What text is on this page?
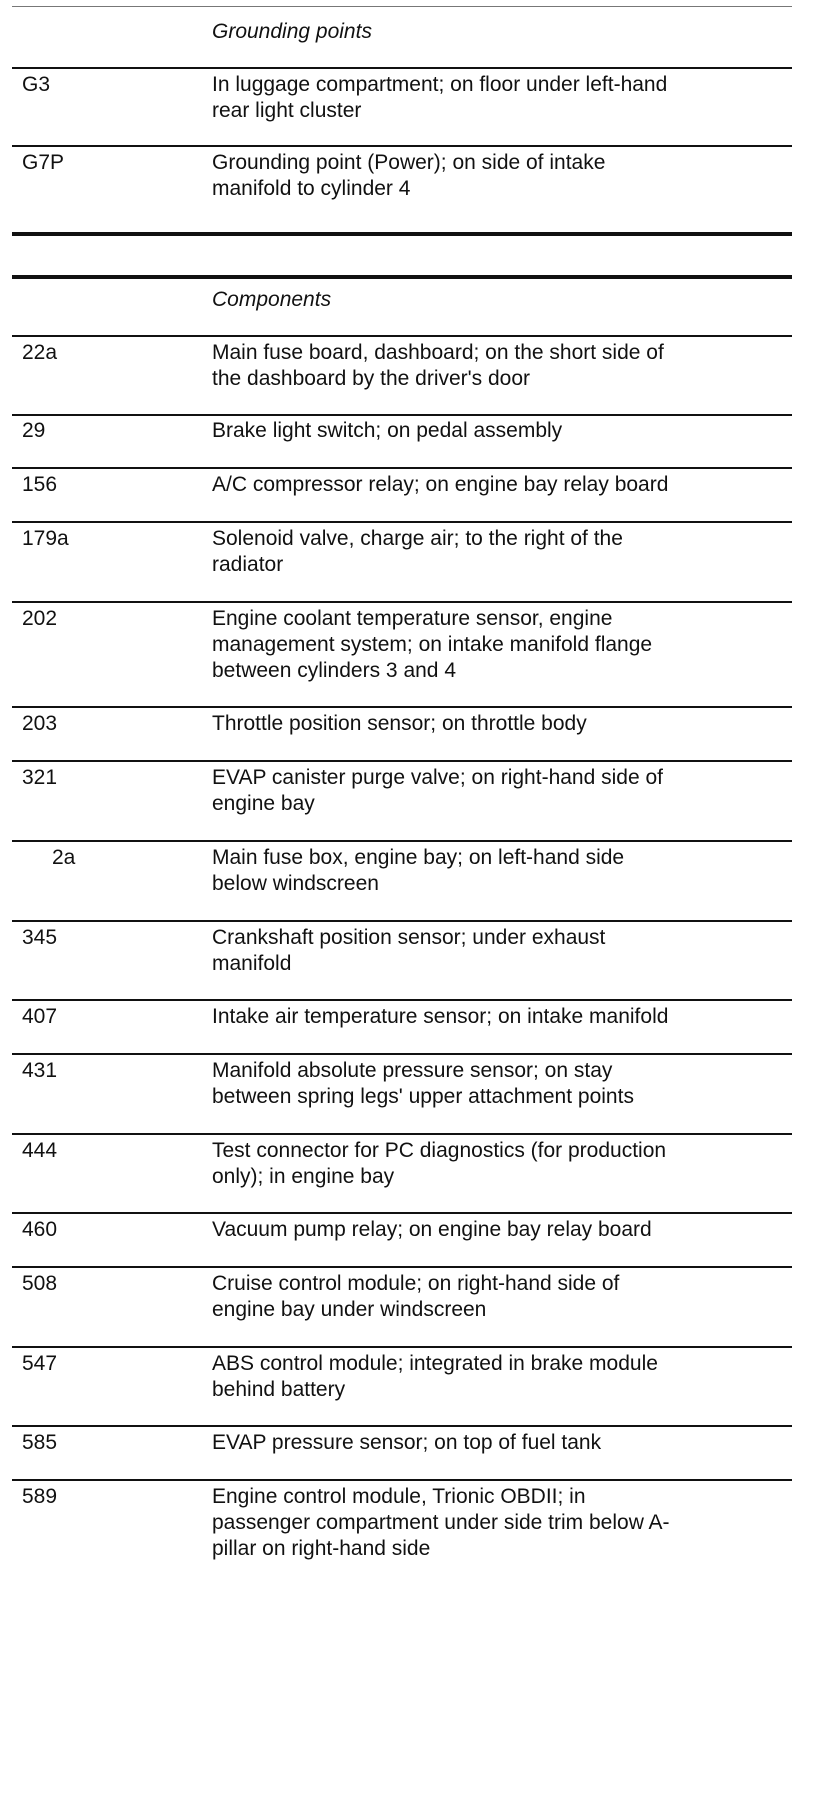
Grounding points
G3	In luggage compartment; on floor under left-hand
rear light cluster
G7P	Grounding point (Power); on side of intake
manifold to cylinder 4
Components
22a	Main fuse board, dashboard; on the short side of
the dashboard by the driver's door
29	Brake light switch; on pedal assembly
156	A/C compressor relay; on engine bay relay board
179a	Solenoid valve, charge air; to the right of the
radiator
202	Engine coolant temperature sensor, engine
management system; on intake manifold flange
between cylinders 3 and 4
203	Throttle position sensor; on throttle body
321	EVAP canister purge valve; on right-hand side of
engine bay
2a	Main fuse box, engine bay; on left-hand side
below windscreen
345	Crankshaft position sensor; under exhaust
manifold
407	Intake air temperature sensor; on intake manifold
431	Manifold absolute pressure sensor; on stay
between spring legs' upper attachment points
444	Test connector for PC diagnostics (for production
only); in engine bay
460	Vacuum pump relay; on engine bay relay board
508	Cruise control module; on right-hand side of
engine bay under windscreen
547	ABS control module; integrated in brake module
behind battery
585	EVAP pressure sensor; on top of fuel tank
589	Engine control module, Trionic OBDII; in
passenger compartment under side trim below A-
pillar on right-hand side
